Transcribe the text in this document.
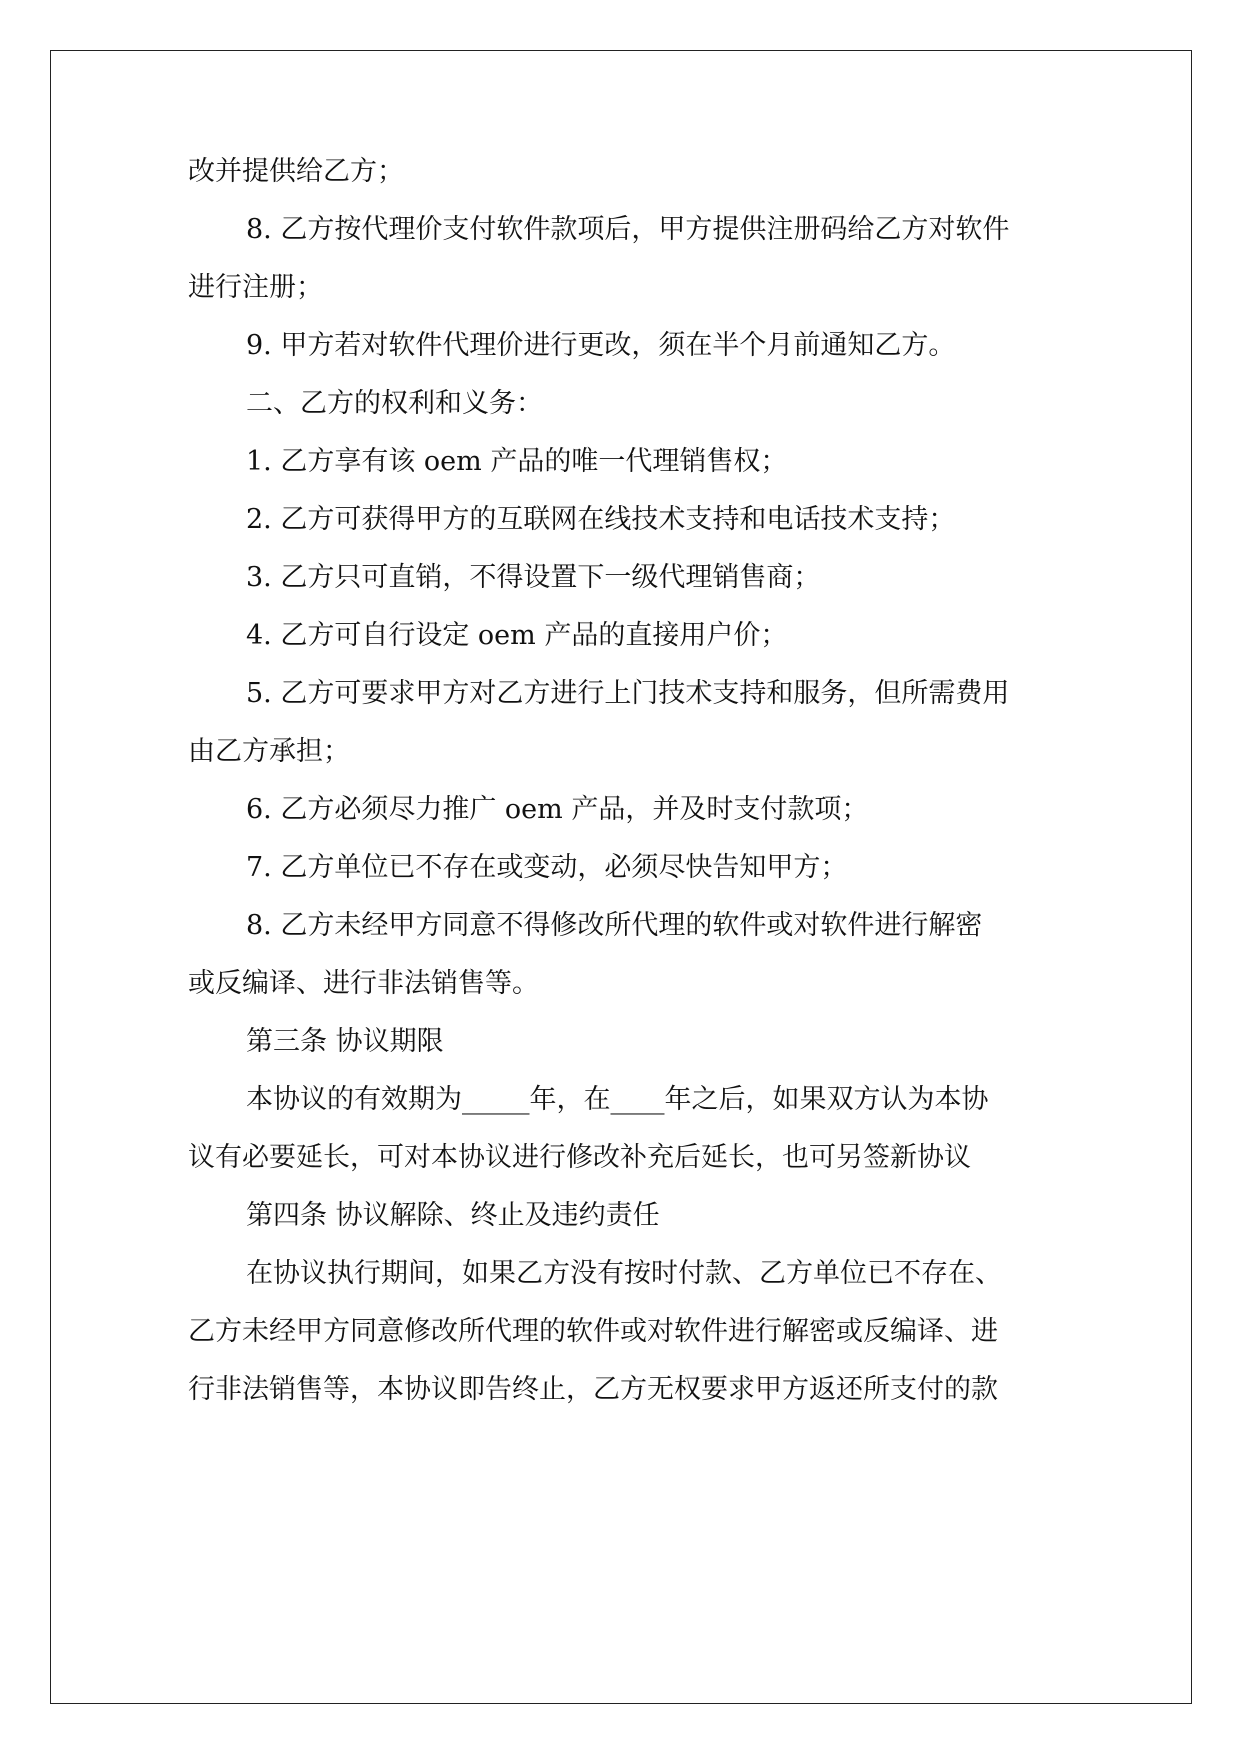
改并提供给乙方；
8. 乙方按代理价支付软件款项后，甲方提供注册码给乙方对软件
进行注册；
9. 甲方若对软件代理价进行更改，须在半个月前通知乙方。
二、乙方的权利和义务：
1. 乙方享有该 oem 产品的唯一代理销售权；
2. 乙方可获得甲方的互联网在线技术支持和电话技术支持；
3. 乙方只可直销，不得设置下一级代理销售商；
4. 乙方可自行设定 oem 产品的直接用户价；
5. 乙方可要求甲方对乙方进行上门技术支持和服务，但所需费用
由乙方承担；
6. 乙方必须尽力推广 oem 产品，并及时支付款项；
7. 乙方单位已不存在或变动，必须尽快告知甲方；
8. 乙方未经甲方同意不得修改所代理的软件或对软件进行解密
或反编译、进行非法销售等。
第三条 协议期限
本协议的有效期为_____年，在____年之后，如果双方认为本协
议有必要延长，可对本协议进行修改补充后延长，也可另签新协议
第四条 协议解除、终止及违约责任
在协议执行期间，如果乙方没有按时付款、乙方单位已不存在、
乙方未经甲方同意修改所代理的软件或对软件进行解密或反编译、进
行非法销售等，本协议即告终止，乙方无权要求甲方返还所支付的款
